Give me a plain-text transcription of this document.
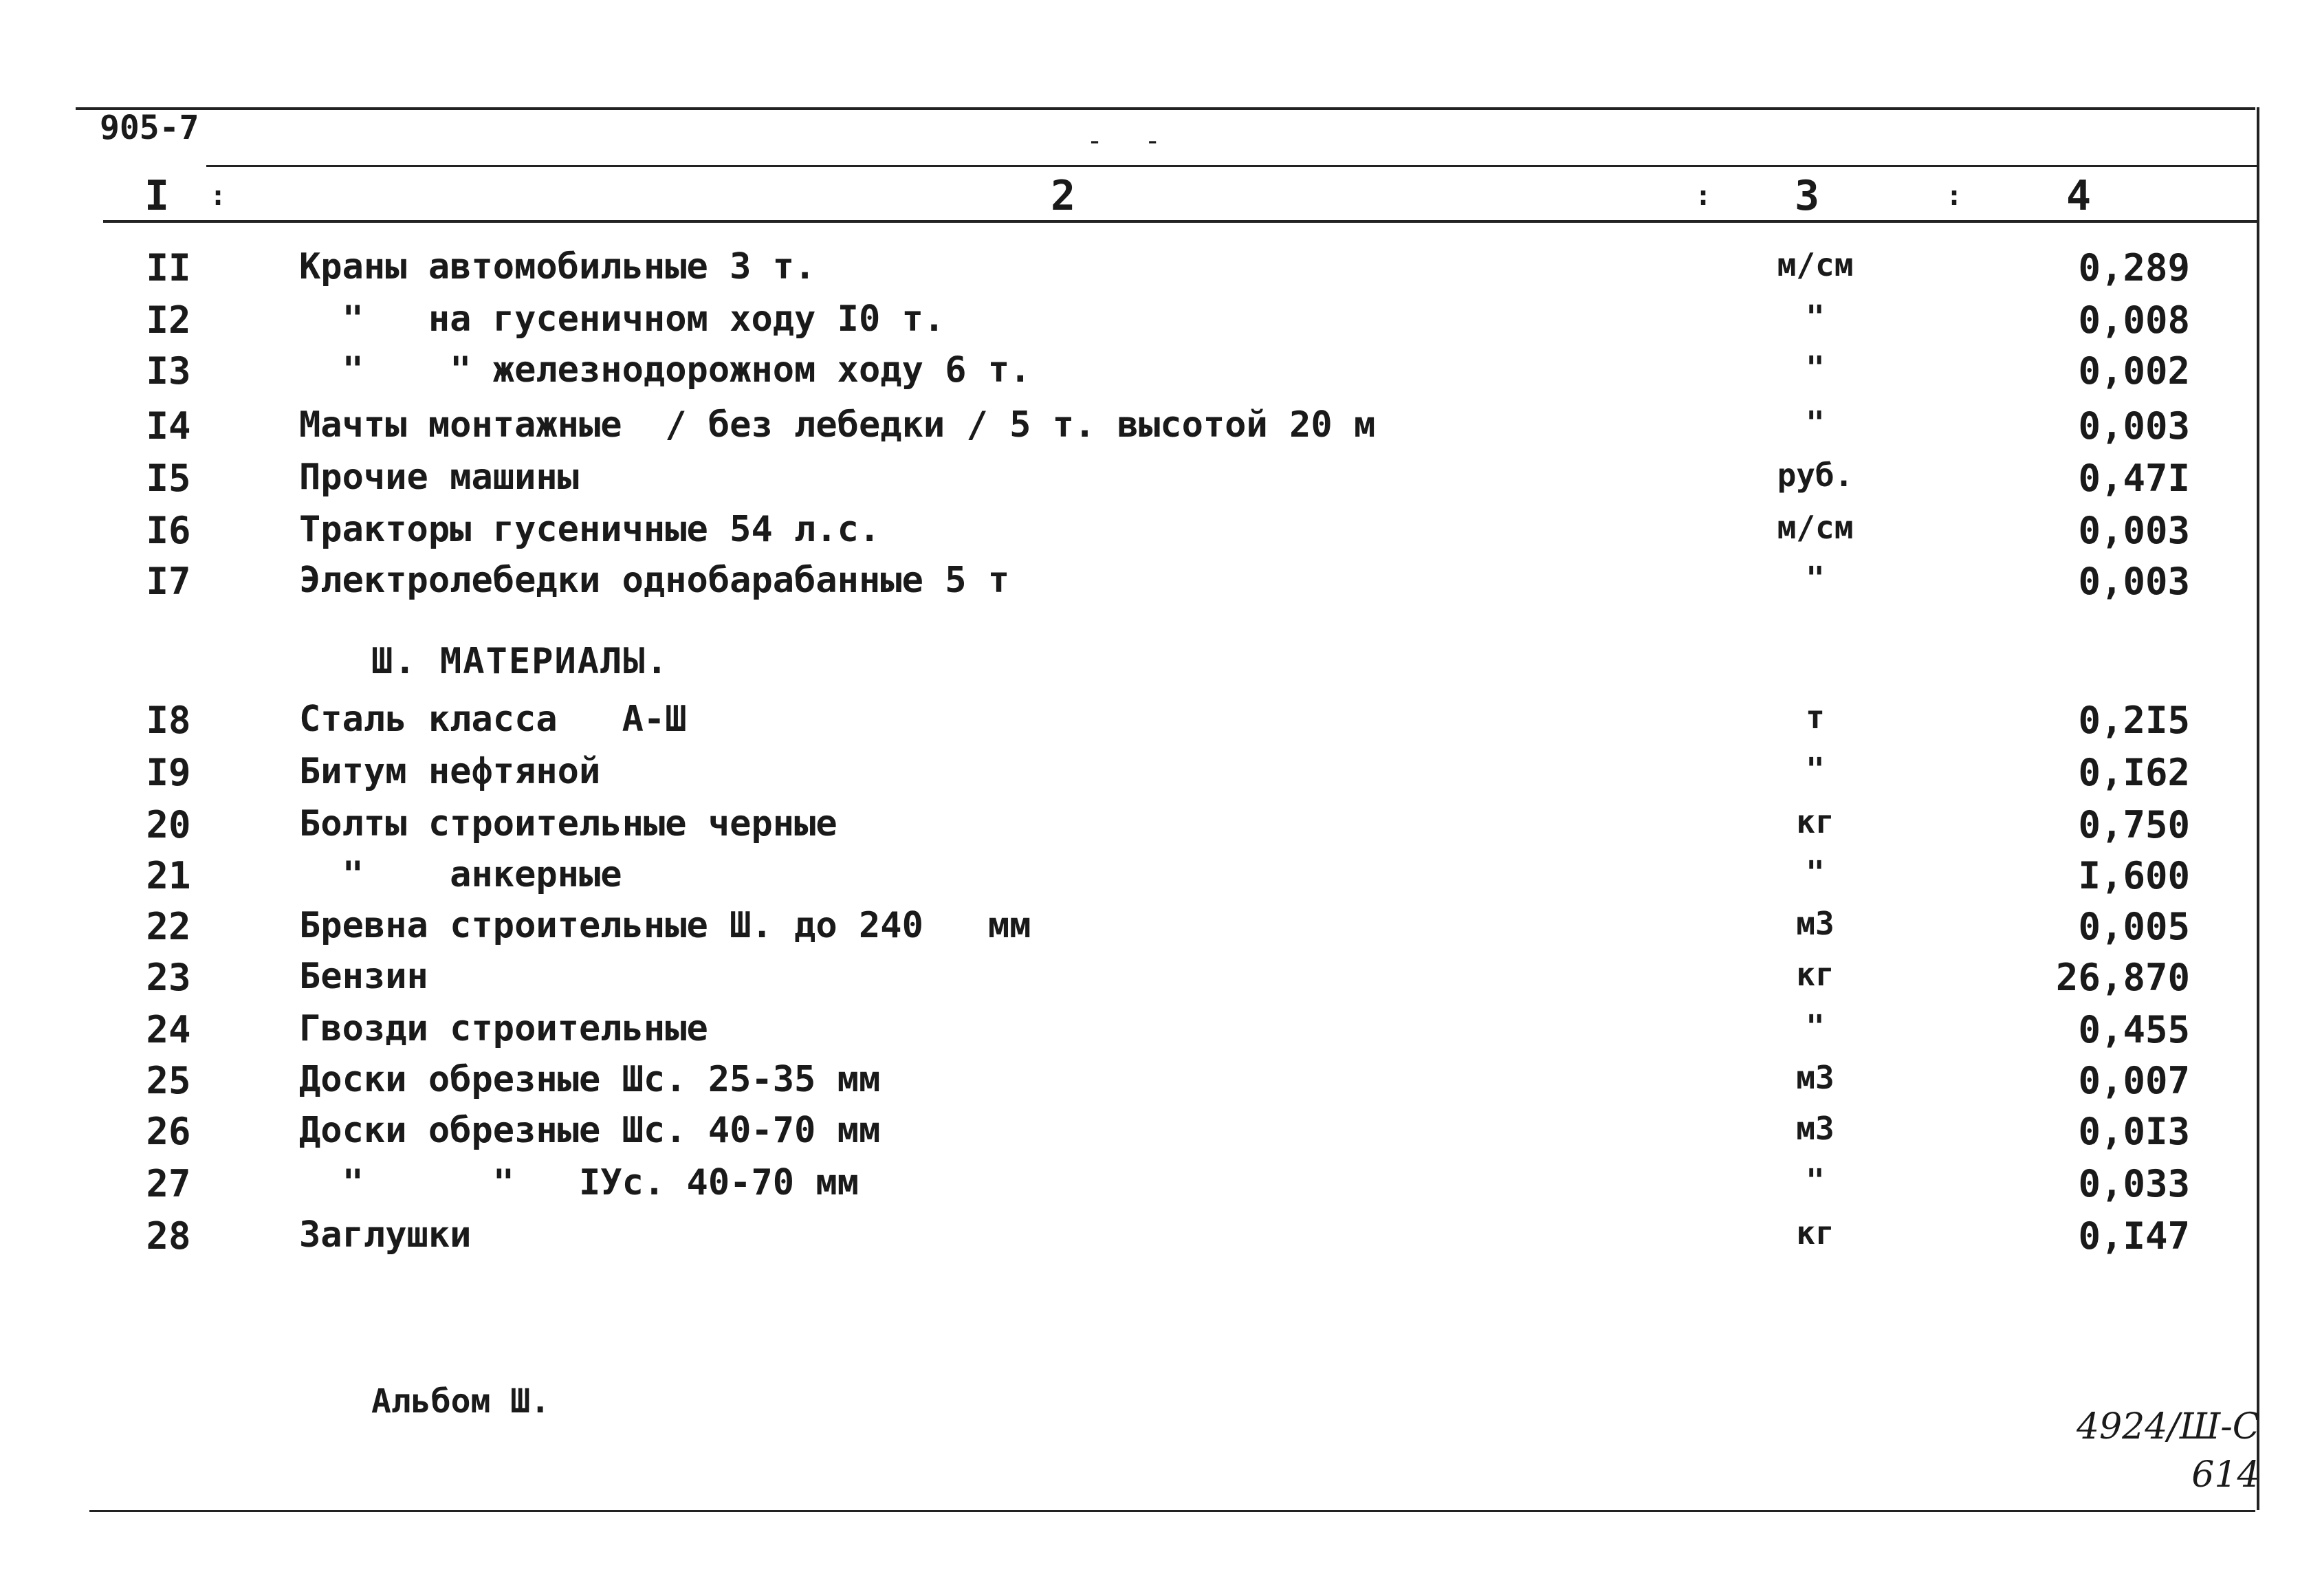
905-7	--
I :	2	: 3	:	4
II	Краны автомобильные 3 т.	м/см	0,289
I2	"   на гусеничном ходу I0 т.	"	0,008
I3	"    " железнодорожном ходу 6 т.	"	0,002
I4	Мачты монтажные  / без лебедки / 5 т. высотой 20 м	"	0,003
I5	Прочие машины	руб.	0,47I
I6	Тракторы гусеничные 54 л.с.	м/см	0,003
I7	Электролебедки однобарабанные 5 т	"	0,003
Ш. МАТЕРИАЛЫ.
I8	Сталь класса   А-Ш	т	0,2I5
I9	Битум нефтяной	"	0,I62
20	Болты строительные черные	кг	0,750
21	"    анкерные	"	I,600
22	Бревна строительные Ш. до 240   мм	м3	0,005
23	Бензин	кг	26,870
24	Гвозди строительные	"	0,455
25	Доски обрезные Шс. 25-35 мм	м3	0,007
26	Доски обрезные Шс. 40-70 мм	м3	0,0I3
27	"      "   IУс. 40-70 мм	"	0,033
28	Заглушки	кг	0,I47
Альбом Ш.
4924/Ш-С
614
